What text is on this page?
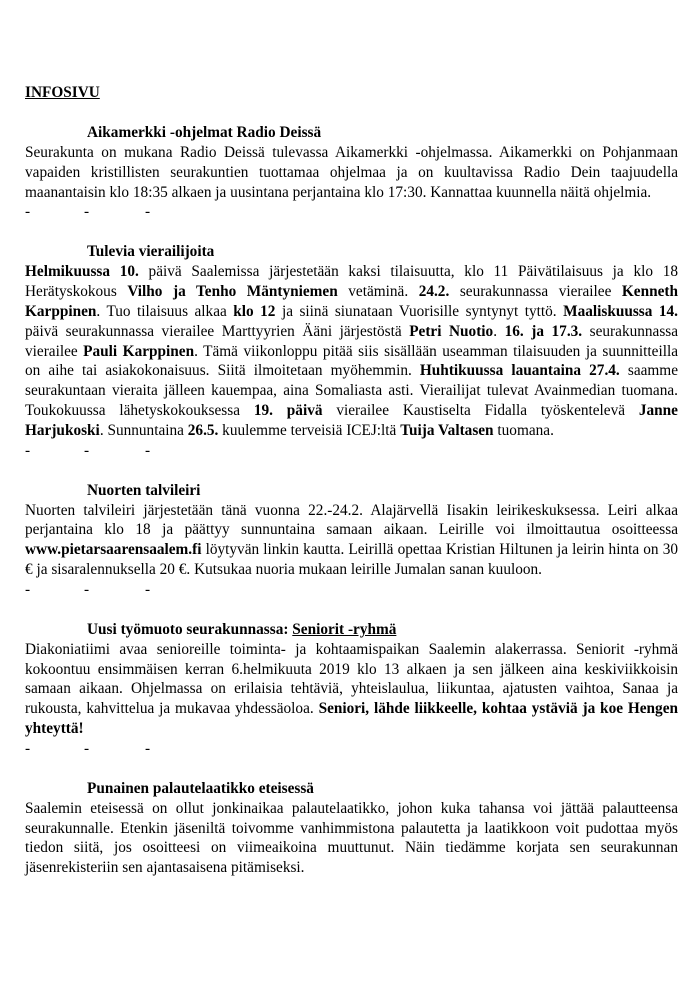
INFOSIVU

Aikamerkki -ohjelmat Radio Deissä

Seurakunta on mukana Radio Deissä tulevassa Aikamerkki -ohjelmassa. Aikamerkki on Pohjanmaan vapaiden kristillisten seurakuntien tuottamaa ohjelmaa ja on kuultavissa Radio Dein taajuudella maanantaisin klo 18:35 alkaen ja uusintana perjantaina klo 17:30. Kannattaa kuunnella näitä ohjelmia.

-	-	-

Tulevia vierailijoita

Helmikuussa 10. päivä Saalemissa järjestetään kaksi tilaisuutta, klo 11 Päivätilaisuus ja klo 18 Herätyskokous Vilho ja Tenho Mäntyniemen vetäminä. 24.2. seurakunnassa vierailee Kenneth Karppinen. Tuo tilaisuus alkaa klo 12 ja siinä siunataan Vuorisille syntynyt tyttö. Maaliskuussa 14. päivä seurakunnassa vierailee Marttyyrien Ääni järjestöstä Petri Nuotio. 16. ja 17.3. seurakunnassa vierailee Pauli Karppinen. Tämä viikonloppu pitää siis sisällään useamman tilaisuuden ja suunnitteilla on aihe tai asiakokonaisuus. Siitä ilmoitetaan myöhemmin. Huhtikuussa lauantaina 27.4. saamme seurakuntaan vieraita jälleen kauempaa, aina Somaliasta asti. Vierailijat tulevat Avainmedian tuomana. Toukokuussa lähetyskokouksessa 19. päivä vierailee Kaustiselta Fidalla työskentelevä Janne Harjukoski. Sunnuntaina 26.5. kuulemme terveisiä ICEJ:ltä Tuija Valtasen tuomana.

-	-	-

Nuorten talvileiri

Nuorten talvileiri järjestetään tänä vuonna 22.-24.2. Alajärvellä Iisakin leirikeskuksessa. Leiri alkaa perjantaina klo 18 ja päättyy sunnuntaina samaan aikaan. Leirille voi ilmoittautua osoitteessa www.pietarsaarensaalem.fi löytyvän linkin kautta. Leirillä opettaa Kristian Hiltunen ja leirin hinta on 30 € ja sisaralennuksella 20 €. Kutsukaa nuoria mukaan leirille Jumalan sanan kuuloon.

-	-	-

Uusi työmuoto seurakunnassa: Seniorit -ryhmä

Diakoniatiimi avaa senioreille toiminta- ja kohtaamispaikan Saalemin alakerrassa. Seniorit -ryhmä kokoontuu ensimmäisen kerran 6.helmikuuta 2019 klo 13 alkaen ja sen jälkeen aina keskiviikkoisin samaan aikaan. Ohjelmassa on erilaisia tehtäviä, yhteislaulua, liikuntaa, ajatusten vaihtoa, Sanaa ja rukousta, kahvittelua ja mukavaa yhdessäoloa. Seniori, lähde liikkeelle, kohtaa ystäviä ja koe Hengen yhteyttä!

-	-	-

Punainen palautelaatikko eteisessä

Saalemin eteisessä on ollut jonkinaikaa palautelaatikko, johon kuka tahansa voi jättää palautteensa seurakunnalle. Etenkin jäseniltä toivomme vanhimmistona palautetta ja laatikkoon voit pudottaa myös tiedon siitä, jos osoitteesi on viimeaikoina muuttunut. Näin tiedämme korjata sen seurakunnan jäsenrekisteriin sen ajantasaisena pitämiseksi.
